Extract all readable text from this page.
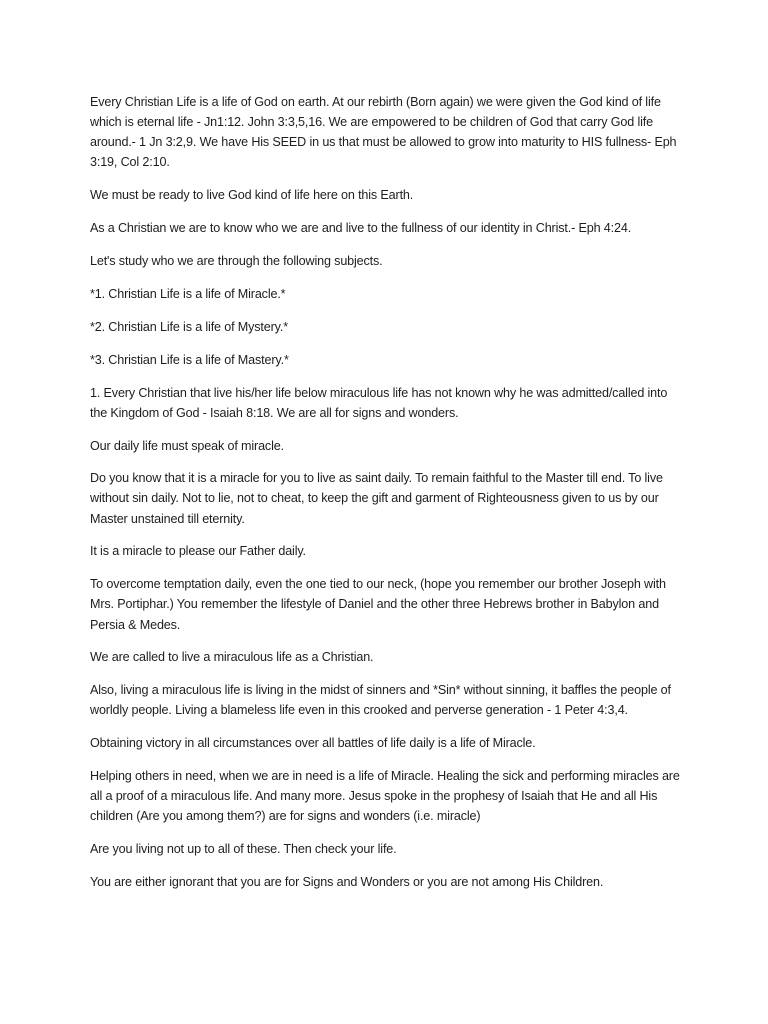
Every Christian Life is a life of God on earth. At our rebirth (Born again) we were given the God kind of life which is eternal life - Jn1:12. John 3:3,5,16. We are empowered to be children of God that carry God life around.- 1 Jn 3:2,9. We have His SEED in us that must be allowed to grow into maturity to HIS fullness- Eph 3:19, Col 2:10.

We must be ready to live God kind of life here on this Earth.

As a Christian we are to know who we are and live to the fullness of our identity in Christ.- Eph 4:24.

Let's study who we are through the following subjects.

*1. Christian Life is a life of Miracle.*

*2. Christian Life is a life of Mystery.*

*3. Christian Life is a life of Mastery.*

1. Every Christian that live his/her life below miraculous life has not known why he was admitted/called into the Kingdom of God - Isaiah 8:18. We are all for signs and wonders.

Our daily life must speak of miracle.

Do you know that it is a miracle for you to live as saint daily. To remain faithful to the Master till end. To live without sin daily. Not to lie, not to cheat, to keep the gift and garment of Righteousness given to us by our Master unstained till eternity.

It is a miracle to please our Father daily.

To overcome temptation daily, even the one tied to our neck, (hope you remember our brother Joseph with Mrs. Portiphar.) You remember the lifestyle of Daniel and the other three Hebrews brother in Babylon and Persia & Medes.

We are called to live a miraculous life as a Christian.

Also, living a miraculous life is living in the midst of sinners and *Sin* without sinning, it baffles the people of worldly people. Living a blameless life even in this crooked and perverse generation - 1 Peter 4:3,4.

Obtaining victory in all circumstances over all battles of life daily is a life of Miracle.

Helping others in need, when we are in need is a life of Miracle. Healing the sick and performing miracles are all a proof of a miraculous life. And many more. Jesus spoke in the prophesy of Isaiah that He and all His children (Are you among them?) are for signs and wonders (i.e. miracle)

Are you living not up to all of these. Then check your life.

You are either ignorant that you are for Signs and Wonders or you are not among His Children.
